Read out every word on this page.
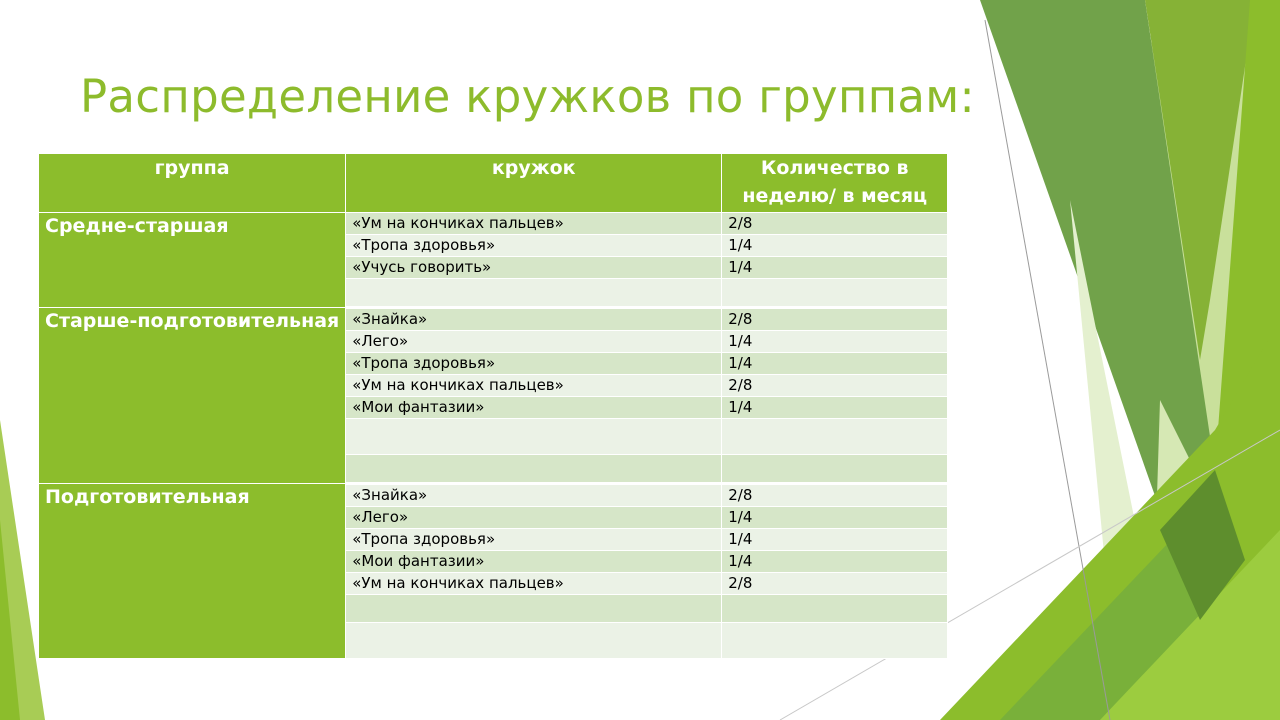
Распределение кружков по группам:
группа	кружок	Количество в неделю/ в месяц
Средне-старшая	«Ум на кончиках пальцев»	2/8
	«Тропа здоровья»	1/4
	«Учусь говорить»	1/4

Старше-подготовительная	«Знайка»	2/8
	«Лего»	1/4
	«Тропа здоровья»	1/4
	«Ум на кончиках пальцев»	2/8
	«Мои фантазии»	1/4

Подготовительная	«Знайка»	2/8
	«Лего»	1/4
	«Тропа здоровья»	1/4
	«Мои фантазии»	1/4
	«Ум на кончиках пальцев»	2/8
